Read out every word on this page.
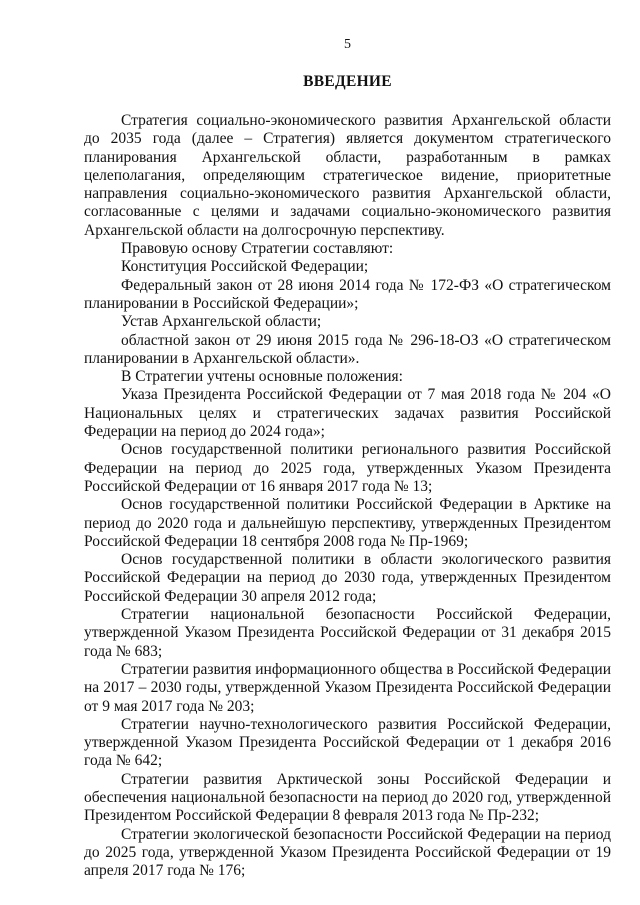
5
ВВЕДЕНИЕ

Стратегия социально-экономического развития Архангельской области до 2035 года (далее – Стратегия) является документом стратегического планирования Архангельской области, разработанным в рамках целеполагания, определяющим стратегическое видение, приоритетные направления социально-экономического развития Архангельской области, согласованные с целями и задачами социально-экономического развития Архангельской области на долгосрочную перспективу.

Правовую основу Стратегии составляют:

Конституция Российской Федерации;

Федеральный закон от 28 июня 2014 года № 172-ФЗ «О стратегическом планировании в Российской Федерации»;

Устав Архангельской области;

областной закон от 29 июня 2015 года № 296-18-ОЗ «О стратегическом планировании в Архангельской области».

В Стратегии учтены основные положения:

Указа Президента Российской Федерации от 7 мая 2018 года № 204 «О Национальных целях и стратегических задачах развития Российской Федерации на период до 2024 года»;

Основ государственной политики регионального развития Российской Федерации на период до 2025 года, утвержденных Указом Президента Российской Федерации от 16 января 2017 года № 13;

Основ государственной политики Российской Федерации в Арктике на период до 2020 года и дальнейшую перспективу, утвержденных Президентом Российской Федерации 18 сентября 2008 года № Пр-1969;

Основ государственной политики в области экологического развития Российской Федерации на период до 2030 года, утвержденных Президентом Российской Федерации 30 апреля 2012 года;

Стратегии национальной безопасности Российской Федерации, утвержденной Указом Президента Российской Федерации от 31 декабря 2015 года № 683;

Стратегии развития информационного общества в Российской Федерации на 2017 – 2030 годы, утвержденной Указом Президента Российской Федерации от 9 мая 2017 года № 203;

Стратегии научно-технологического развития Российской Федерации, утвержденной Указом Президента Российской Федерации от 1 декабря 2016 года № 642;

Стратегии развития Арктической зоны Российской Федерации и обеспечения национальной безопасности на период до 2020 год, утвержденной Президентом Российской Федерации 8 февраля 2013 года № Пр-232;

Стратегии экологической безопасности Российской Федерации на период до 2025 года, утвержденной Указом Президента Российской Федерации от 19 апреля 2017 года № 176;
